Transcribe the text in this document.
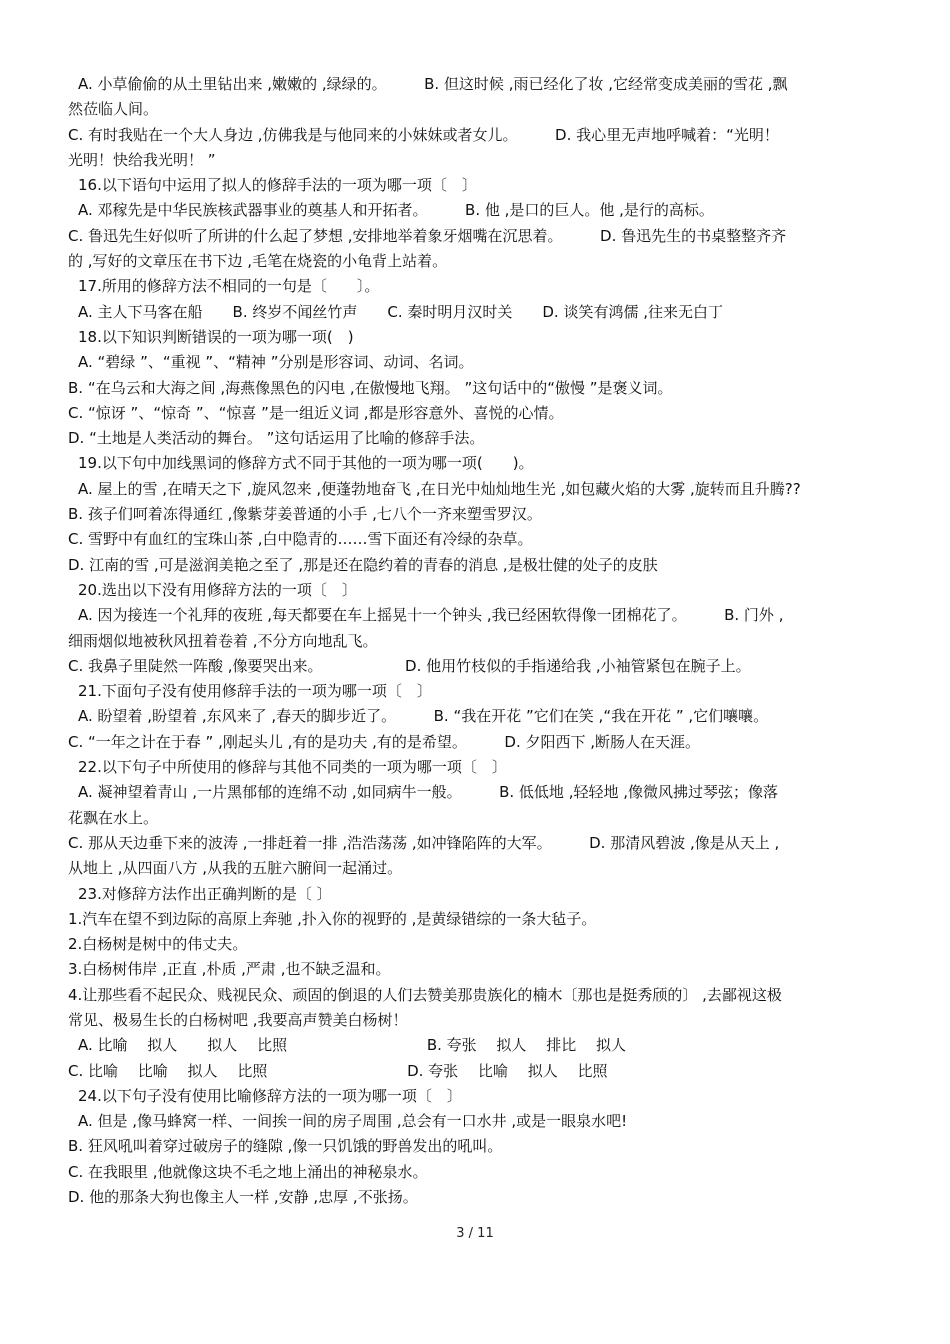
A. 小草偷偷的从土里钻出来 ,嫩嫩的 ,绿绿的。　　　B. 但这时候 ,雨已经化了妆 ,它经常变成美丽的雪花 ,飘
然莅临人间。
C. 有时我贴在一个大人身边 ,仿佛我是与他同来的小妹妹或者女儿。　　　D. 我心里无声地呼喊着：“光明！
光明！快给我光明！ ”
16.以下语句中运用了拟人的修辞手法的一项为哪一项〔　〕
A. 邓稼先是中华民族核武器事业的奠基人和开拓者。　　　B. 他 ,是口的巨人。他 ,是行的高标。
C. 鲁迅先生好似听了所讲的什么起了梦想 ,安排地举着象牙烟嘴在沉思着。　　　D. 鲁迅先生的书桌整整齐齐
的 ,写好的文章压在书下边 ,毛笔在烧瓷的小龟背上站着。
17.所用的修辞方法不相同的一句是〔　　〕。
A. 主人下马客在船　　B. 终岁不闻丝竹声　　C. 秦时明月汉时关　　D. 谈笑有鸿儒 ,往来无白丁
18.以下知识判断错误的一项为哪一项(　)
A. “碧绿 ”、“重视 ”、“精神 ”分别是形容词、动词、名词。
B. “在乌云和大海之间 ,海燕像黑色的闪电 ,在傲慢地飞翔。 ”这句话中的“傲慢 ”是褒义词。
C. “惊讶 ”、“惊奇 ”、“惊喜 ”是一组近义词 ,都是形容意外、喜悦的心情。
D. “土地是人类活动的舞台。 ”这句话运用了比喻的修辞手法。
19.以下句中加线黑词的修辞方式不同于其他的一项为哪一项(　　)。
A. 屋上的雪 ,在晴天之下 ,旋风忽来 ,便蓬勃地奋飞 ,在日光中灿灿地生光 ,如包藏火焰的大雾 ,旋转而且升腾??
B. 孩子们呵着冻得通红 ,像紫芽姜普通的小手 ,七八个一齐来塑雪罗汉。
C. 雪野中有血红的宝珠山茶 ,白中隐青的……雪下面还有冷绿的杂草。
D. 江南的雪 ,可是滋润美艳之至了 ,那是还在隐约着的青春的消息 ,是极壮健的处子的皮肤
20.选出以下没有用修辞方法的一项〔　〕
A. 因为接连一个礼拜的夜班 ,每天都要在车上摇晃十一个钟头 ,我已经困软得像一团棉花了。　　　B. 门外 ,
细雨烟似地被秋风扭着卷着 ,不分方向地乱飞。
C. 我鼻子里陡然一阵酸 ,像要哭出来。　　　　　　D. 他用竹枝似的手指递给我 ,小袖管紧包在腕子上。
21.下面句子没有使用修辞手法的一项为哪一项〔　〕
A. 盼望着 ,盼望着 ,东风来了 ,春天的脚步近了。　　　B. “我在开花 ”它们在笑 ,“我在开花 ” ,它们嚷嚷。
C. “一年之计在于春 ” ,刚起头儿 ,有的是功夫 ,有的是希望。　　　D. 夕阳西下 ,断肠人在天涯。
22.以下句子中所使用的修辞与其他不同类的一项为哪一项〔　〕
A. 凝神望着青山 ,一片黑郁郁的连绵不动 ,如同病牛一般。　　　B. 低低地 ,轻轻地 ,像微风拂过琴弦；像落
花飘在水上。
C. 那从天边垂下来的波涛 ,一排赶着一排 ,浩浩荡荡 ,如冲锋陷阵的大军。　　　D. 那清风碧波 ,像是从天上 ,
从地上 ,从四面八方 ,从我的五脏六腑间一起涌过。
23.对修辞方法作出正确判断的是〔 〕
1.汽车在望不到边际的高原上奔驰 ,扑入你的视野的 ,是黄绿错综的一条大毡子。
2.白杨树是树中的伟丈夫。
3.白杨树伟岸 ,正直 ,朴质 ,严肃 ,也不缺乏温和。
4.让那些看不起民众、贱视民众、顽固的倒退的人们去赞美那贵族化的楠木〔那也是挺秀颀的〕 ,去鄙视这极
常见、极易生长的白杨树吧 ,我要高声赞美白杨树！
A. 比喻　 拟人　　拟人　 比照　　　　　　　　　 B. 夸张　 拟人　 排比　 拟人
C. 比喻　 比喻　 拟人　 比照　　　　　　　　　 D. 夸张　 比喻　 拟人　 比照
24.以下句子没有使用比喻修辞方法的一项为哪一项〔　〕
A. 但是 ,像马蜂窝一样、一间挨一间的房子周围 ,总会有一口水井 ,或是一眼泉水吧!
B. 狂风吼叫着穿过破房子的缝隙 ,像一只饥饿的野兽发出的吼叫。
C. 在我眼里 ,他就像这块不毛之地上涌出的神秘泉水。
D. 他的那条大狗也像主人一样 ,安静 ,忠厚 ,不张扬。
3 / 11
